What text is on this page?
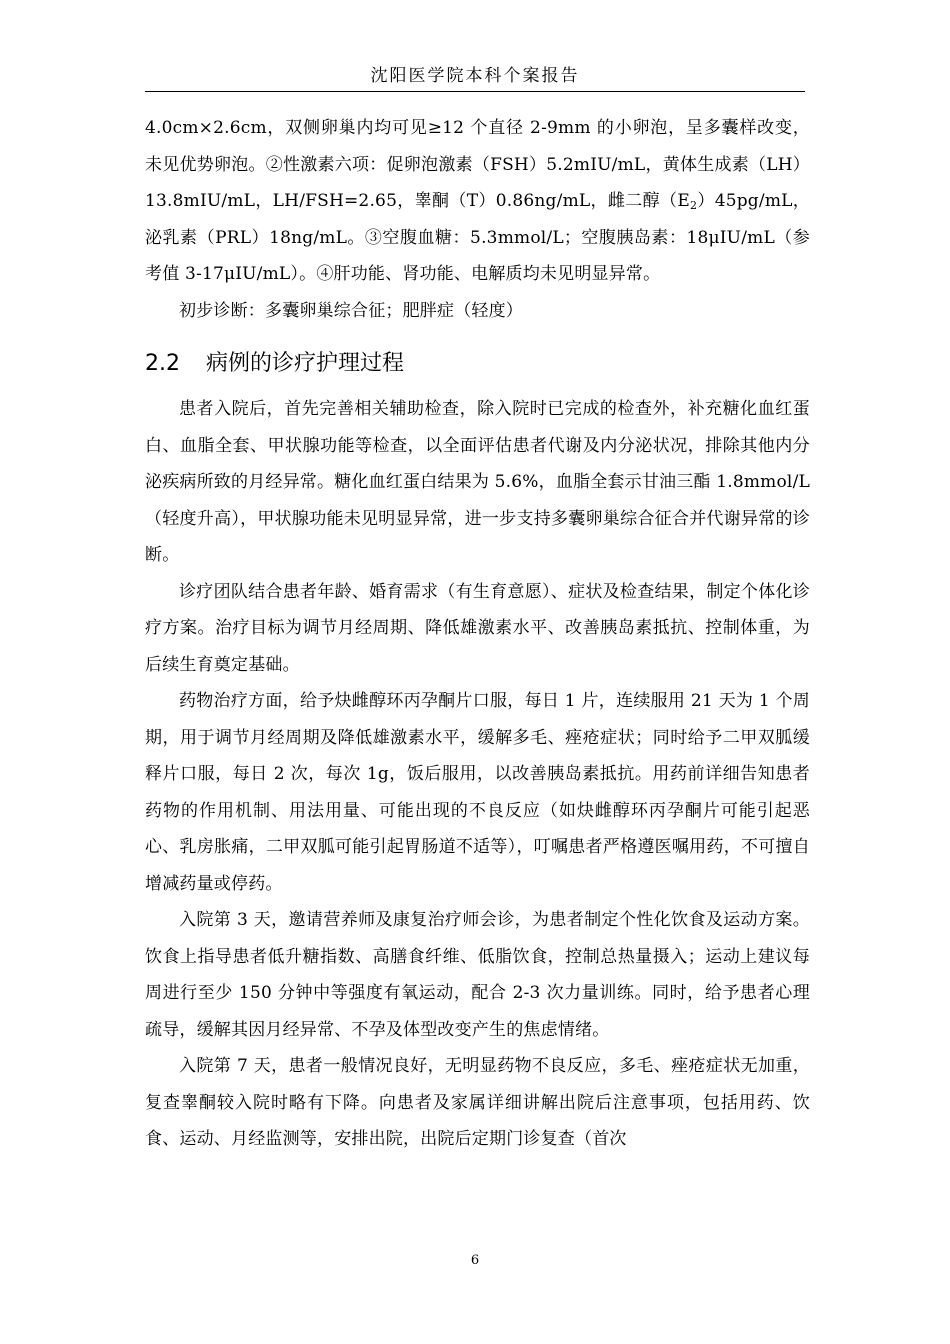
沈阳医学院本科个案报告

4.0cm×2.6cm，双侧卵巢内均可见≥12 个直径 2-9mm 的小卵泡，呈多囊样改变，未见优势卵泡。②性激素六项：促卵泡激素（FSH）5.2mIU/mL，黄体生成素（LH）13.8mIU/mL，LH/FSH=2.65，睾酮（T）0.86ng/mL，雌二醇$(E_2)45pg/mL$，泌乳素（PRL）18ng/mL。③空腹血糖：5.3mmol/L；空腹胰岛素：18μIU/mL（参考值 3-17μIU/mL）。④肝功能、肾功能、电解质均未见明显异常。

初步诊断：多囊卵巢综合征；肥胖症（轻度）

2.2 病例的诊疗护理过程

患者入院后，首先完善相关辅助检查，除入院时已完成的检查外，补充糖化血红蛋白、血脂全套、甲状腺功能等检查，以全面评估患者代谢及内分泌状况，排除其他内分泌疾病所致的月经异常。糖化血红蛋白结果为 5.6%，血脂全套示甘油三酯 1.8mmol/L（轻度升高），甲状腺功能未见明显异常，进一步支持多囊卵巢综合征合并代谢异常的诊断。

诊疗团队结合患者年龄、婚育需求（有生育意愿）、症状及检查结果，制定个体化诊疗方案。治疗目标为调节月经周期、降低雄激素水平、改善胰岛素抵抗、控制体重，为后续生育奠定基础。

药物治疗方面，给予炔雌醇环丙孕酮片口服，每日 1 片，连续服用 21 天为 1 个周期，用于调节月经周期及降低雄激素水平，缓解多毛、痤疮症状；同时给予二甲双胍缓释片口服，每日 2 次，每次 1g，饭后服用，以改善胰岛素抵抗。用药前详细告知患者药物的作用机制、用法用量、可能出现的不良反应（如炔雌醇环丙孕酮片可能引起恶心、乳房胀痛，二甲双胍可能引起胃肠道不适等），叮嘱患者严格遵医嘱用药，不可擅自增减药量或停药。

入院第 3 天，邀请营养师及康复治疗师会诊，为患者制定个性化饮食及运动方案。饮食上指导患者低升糖指数、高膳食纤维、低脂饮食，控制总热量摄入；运动上建议每周进行至少 150 分钟中等强度有氧运动，配合 2-3 次力量训练。同时，给予患者心理疏导，缓解其因月经异常、不孕及体型改变产生的焦虑情绪。

入院第 7 天，患者一般情况良好，无明显药物不良反应，多毛、痤疮症状无加重，复查睾酮较入院时略有下降。向患者及家属详细讲解出院后注意事项，包括用药、饮食、运动、月经监测等，安排出院，出院后定期门诊复查（首次

6
